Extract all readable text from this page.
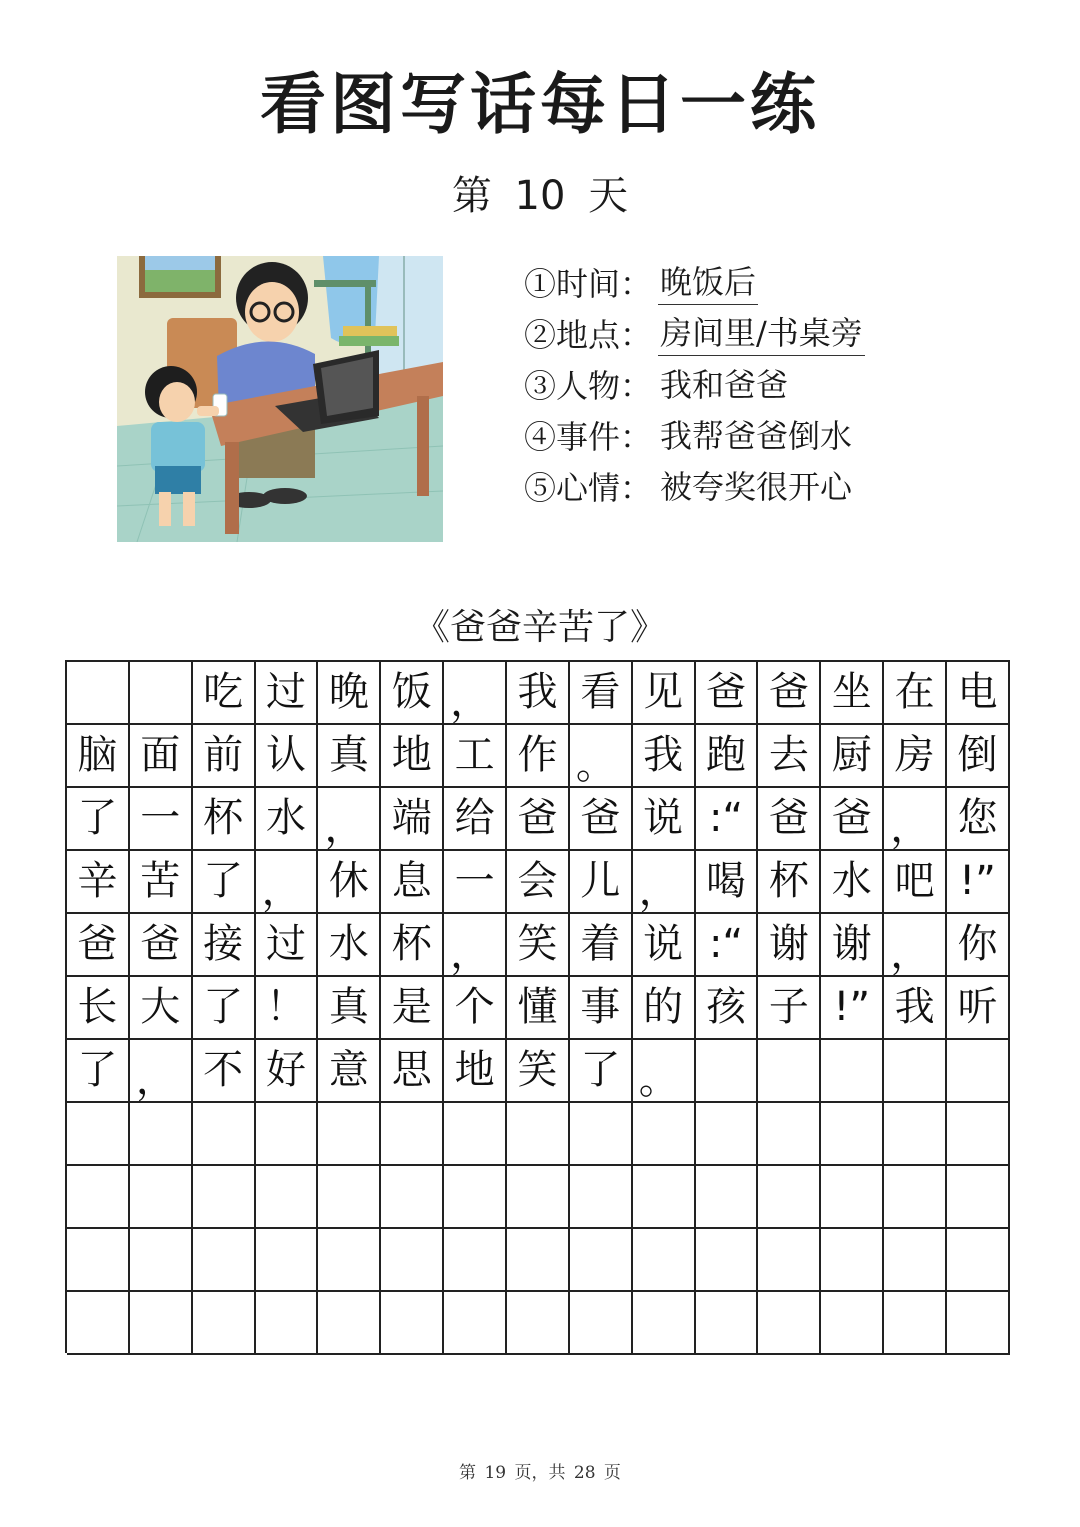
看图写话每日一练
第 10 天
①时间： 晚饭后
②地点： 房间里/书桌旁
③人物： 我和爸爸
④事件： 我帮爸爸倒水
⑤心情： 被夸奖很开心
《爸爸辛苦了》
吃 过 晚 饭 ， 我 看 见 爸 爸 坐 在 电
脑 面 前 认 真 地 工 作 。 我 跑 去 厨 房 倒
了 一 杯 水 ， 端 给 爸 爸 说 :“ 爸 爸 ， 您
辛 苦 了 ， 休 息 一 会 儿 ， 喝 杯 水 吧 !”
爸 爸 接 过 水 杯 ， 笑 着 说 :“ 谢 谢 ， 你
长 大 了 ！ 真 是 个 懂 事 的 孩 子 !” 我 听
了 ， 不 好 意 思 地 笑 了 。
第 19 页，共 28 页
